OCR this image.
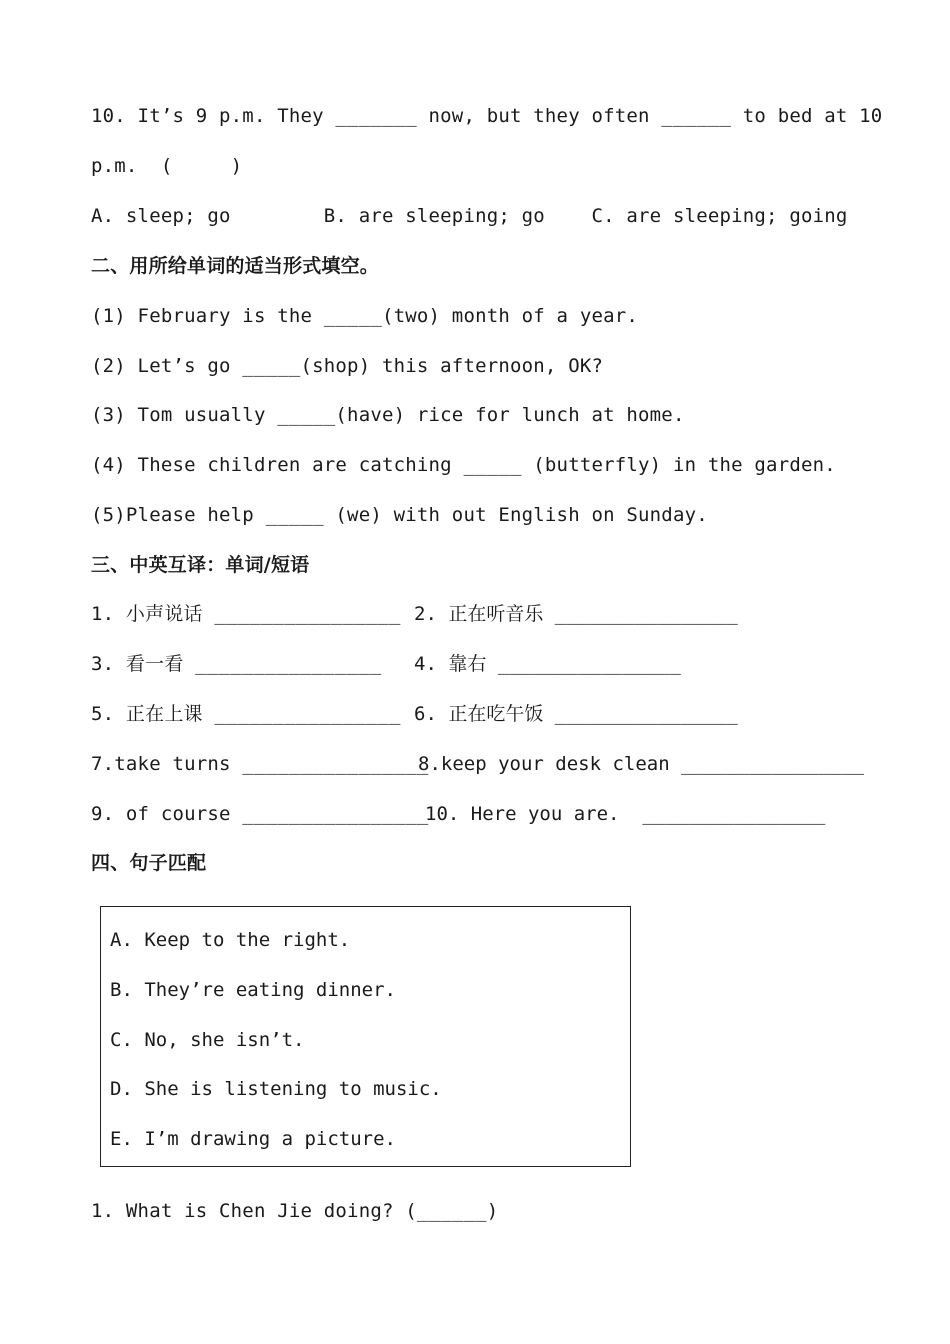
10. It’s 9 p.m. They _______ now, but they often ______ to bed at 10
p.m.  (     )
A. sleep; go        B. are sleeping; go    C. are sleeping; going
二、用所给单词的适当形式填空。
(1) February is the _____(two) month of a year.
(2) Let’s go _____(shop) this afternoon, OK?
(3) Tom usually _____(have) rice for lunch at home.
(4) These children are catching _____ (butterfly) in the garden.
(5)Please help _____ (we) with out English on Sunday.
三、中英互译：单词/短语
1. 小声说话 ________________ 2. 正在听音乐 ________________
3. 看一看 ________________ 4. 靠右 ________________
5. 正在上课 ________________ 6. 正在吃午饭 ________________
7.take turns ________________
8.keep your desk clean ________________
9. of course ________________
10. Here you are.  ________________
四、句子匹配
A. Keep to the right.
B. They’re eating dinner.
C. No, she isn’t.
D. She is listening to music.
E. I’m drawing a picture.
1. What is Chen Jie doing? (______)
